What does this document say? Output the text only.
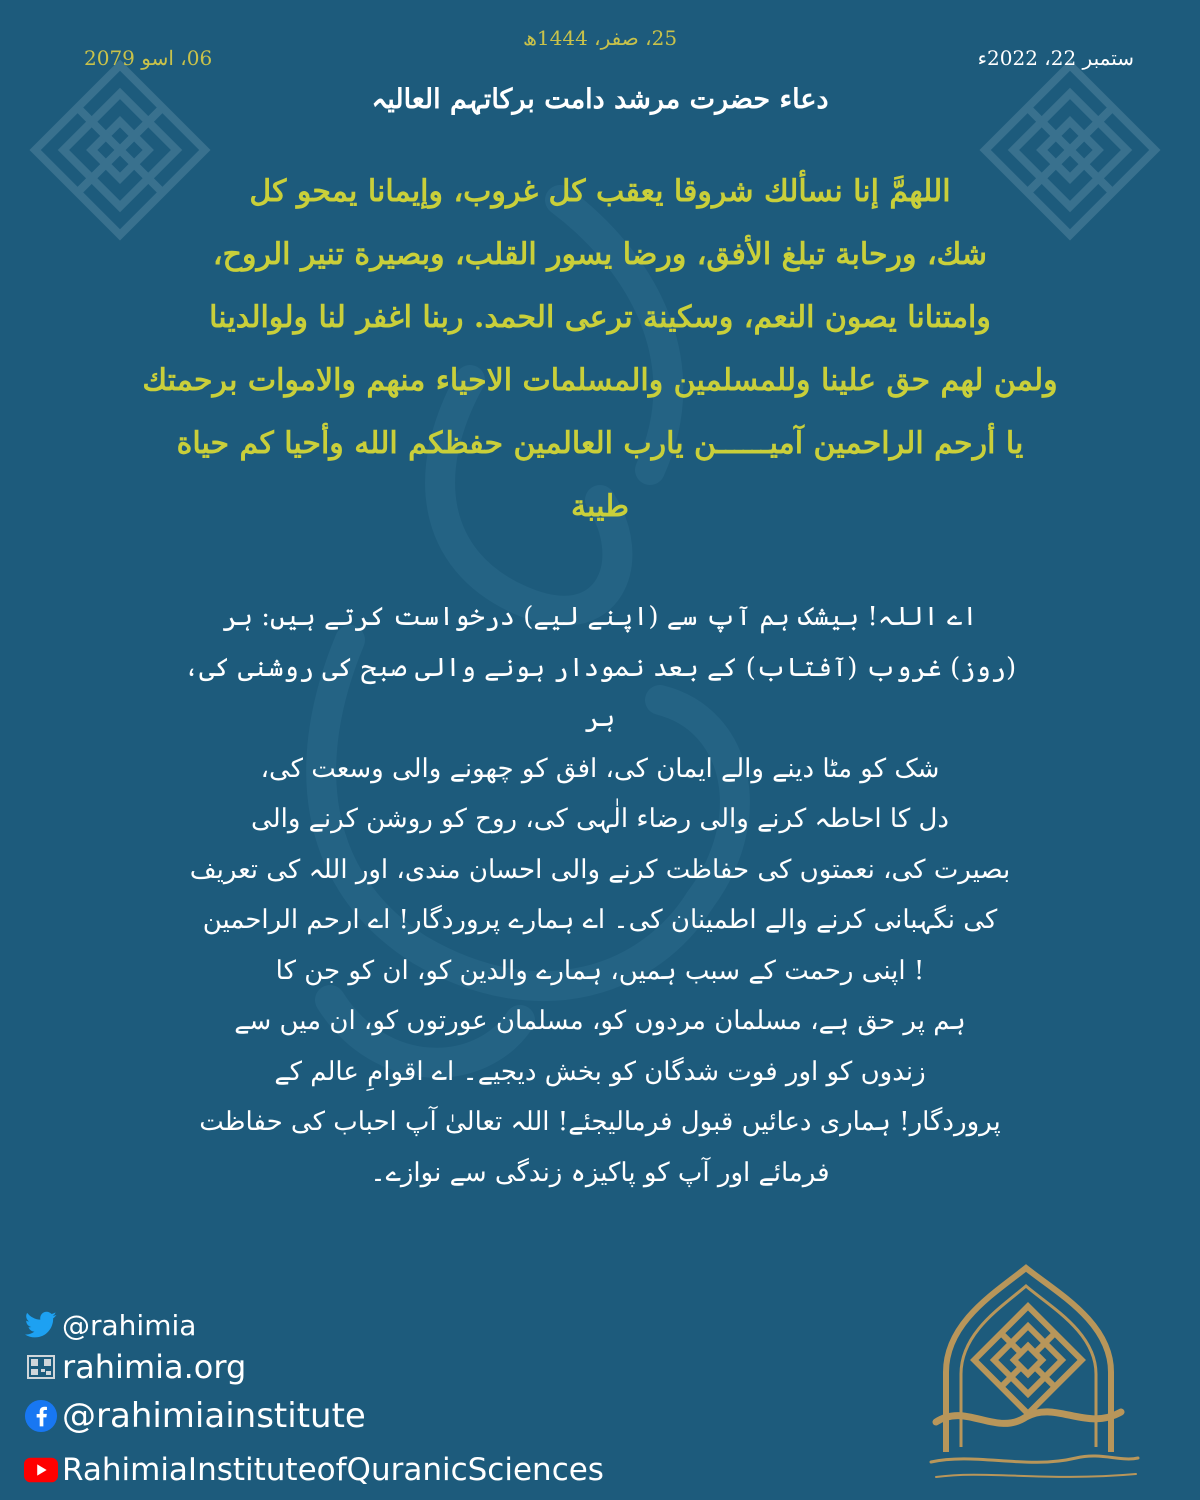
06، اسو 2079
25، صفر، 1444ھ
ستمبر 22، 2022ء
دعاء حضرت مرشد دامت برکاتہم العالیہ
اللهمَّ إنا نسألك شروقا يعقب كل غروب، وإيمانا يمحو كل
شك، ورحابة تبلغ الأفق، ورضا يسور القلب، وبصيرة تنير الروح،
وامتنانا يصون النعم، وسكينة ترعى الحمد. ربنا اغفر لنا ولوالدينا
ولمن لهم حق علينا وللمسلمين والمسلمات الاحياء منهم والاموات برحمتك
يا أرحم الراحمين آميــــــن يارب العالمين حفظكم الله وأحيا كم حياة
طيبة
اے اللہ! بیشک ہم آپ سے (اپنے لیے) درخواست کرتے ہیں: ہر
(روز) غروب (آفتاب) کے بعد نمودار ہونے والی صبح کی روشنی کی، ہر
شک کو مٹا دینے والے ایمان کی، افق کو چھونے والی وسعت کی،
دل کا احاطہ کرنے والی رضاء الٰہی کی، روح کو روشن کرنے والی
بصیرت کی، نعمتوں کی حفاظت کرنے والی احسان مندی، اور اللہ کی تعریف
کی نگہبانی کرنے والے اطمینان کی۔ اے ہمارے پروردگار! اے ارحم الراحمین
! اپنی رحمت کے سبب ہمیں، ہمارے والدین کو، ان کو جن کا
ہم پر حق ہے، مسلمان مردوں کو، مسلمان عورتوں کو، ان میں سے
زندوں کو اور فوت شدگان کو بخش دیجیے۔ اے اقوامِ عالم کے
پروردگار! ہماری دعائیں قبول فرمالیجئے! اللہ تعالیٰ آپ احباب کی حفاظت
فرمائے اور آپ کو پاکیزہ زندگی سے نوازے۔
@rahimia
rahimia.org
@rahimiainstitute
RahimiaInstituteofQuranicSciences
